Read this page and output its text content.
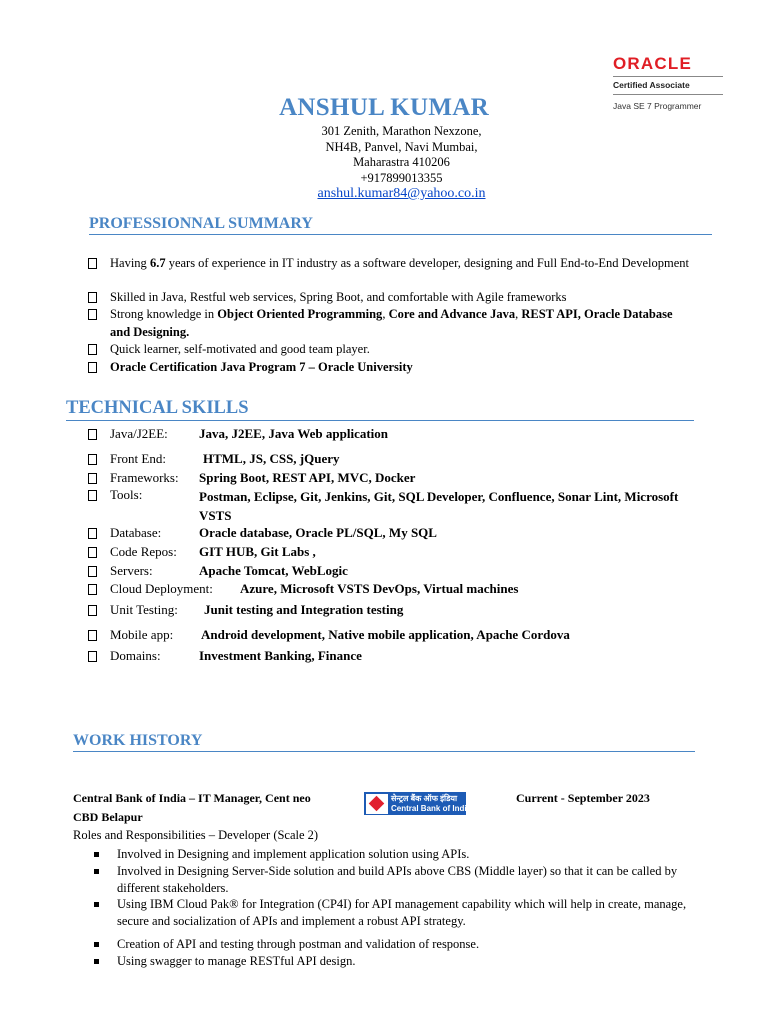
ORACLE
Certified Associate
Java SE 7 Programmer
ANSHUL KUMAR
301 Zenith, Marathon Nexzone,
NH4B, Panvel, Navi Mumbai,
Maharastra 410206
+917899013355
anshul.kumar84@yahoo.co.in
PROFESSIONNAL SUMMARY
Having 6.7 years of experience in IT industry as a software developer, designing and Full End-to-End Development
Skilled in Java, Restful web services, Spring Boot, and comfortable with Agile frameworks
Strong knowledge in Object Oriented Programming, Core and Advance Java, REST API, Oracle Database and Designing.
Quick learner, self-motivated and good team player.
Oracle Certification Java Program 7 – Oracle University
TECHNICAL SKILLS
Java/J2EE: Java, J2EE, Java Web application
Front End:	HTML, JS, CSS, jQuery
Frameworks: Spring Boot, REST API, MVC, Docker
Tools:	Postman, Eclipse, Git, Jenkins, Git, SQL Developer, Confluence, Sonar Lint, Microsoft VSTS
Database:	Oracle database, Oracle PL/SQL, My SQL
Code Repos: GIT HUB, Git Labs ,
Servers:	Apache Tomcat, WebLogic
Cloud Deployment: Azure, Microsoft VSTS DevOps, Virtual machines
Unit Testing: Junit testing and Integration testing
Mobile app: Android development, Native mobile application, Apache Cordova
Domains:	Investment Banking, Finance
WORK HISTORY
Central Bank of India – IT Manager, Cent neo
CBD Belapur
Current - September 2023
सेन्ट्रल बैंक ऑफ इंडिया
Central Bank of India
Roles and Responsibilities – Developer (Scale 2)
Involved in Designing and implement application solution using APIs.
Involved in Designing Server-Side solution and build APIs above CBS (Middle layer) so that it can be called by different stakeholders.
Using IBM Cloud Pak® for Integration (CP4I) for API management capability which will help in create, manage, secure and socialization of APIs and implement a robust API strategy.
Creation of API and testing through postman and validation of response.
Using swagger to manage RESTful API design.
